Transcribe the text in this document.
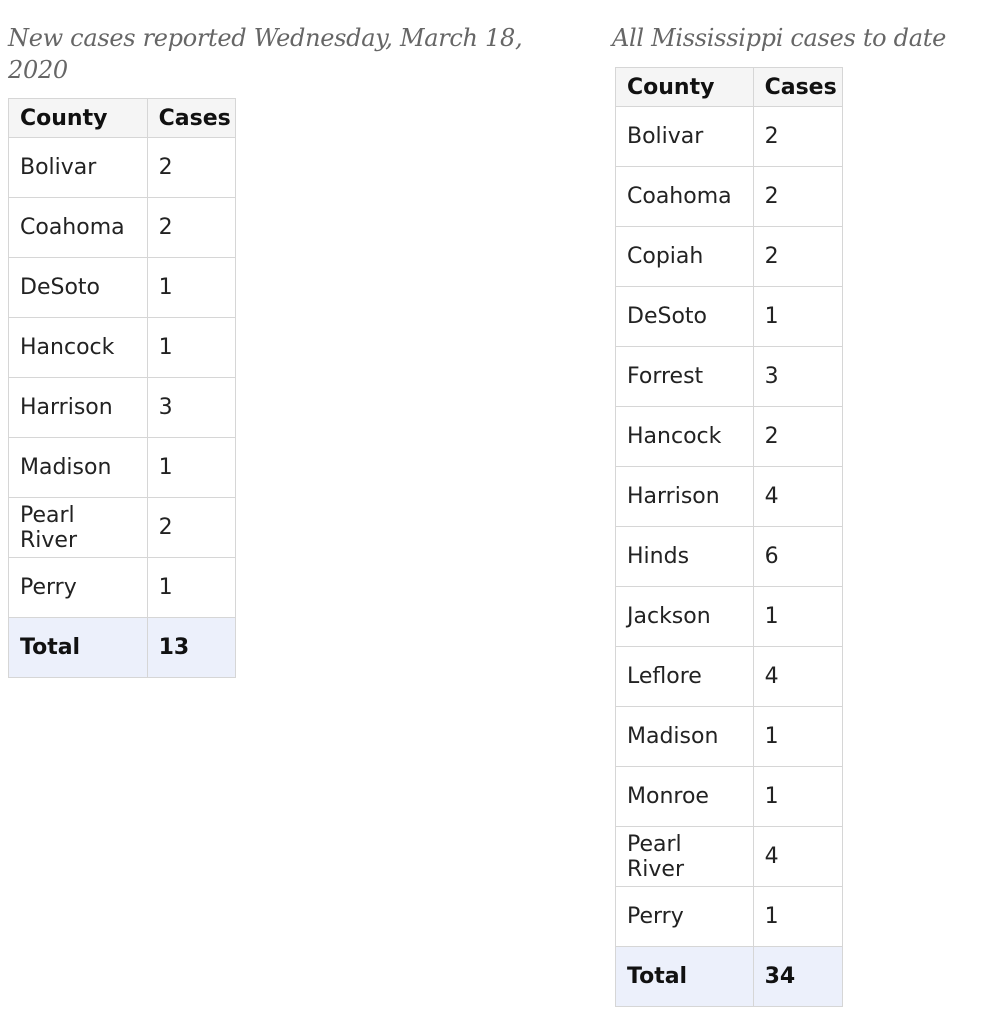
New cases reported Wednesday, March 18, 2020
County	Cases
Bolivar	2
Coahoma	2
DeSoto	1
Hancock	1
Harrison	3
Madison	1
Pearl River	2
Perry	1
Total	13
All Mississippi cases to date
County	Cases
Bolivar	2
Coahoma	2
Copiah	2
DeSoto	1
Forrest	3
Hancock	2
Harrison	4
Hinds	6
Jackson	1
Leflore	4
Madison	1
Monroe	1
Pearl River	4
Perry	1
Total	34
